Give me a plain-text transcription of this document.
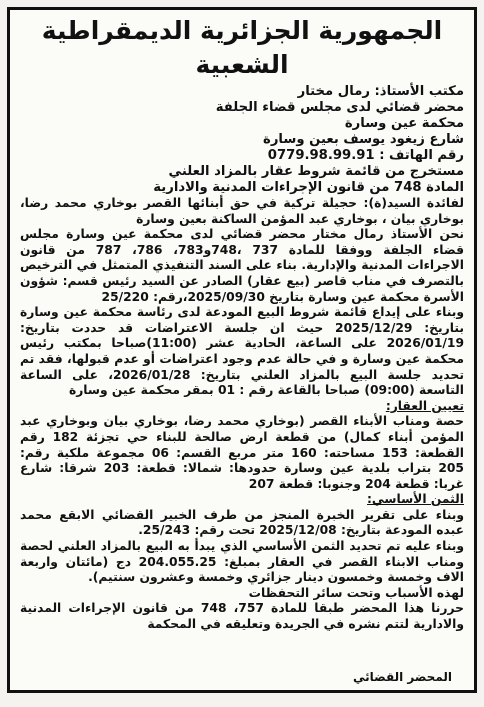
الجمهورية الجزائرية الديمقراطية الشعبية
مكتب الأستاذ: رمال مختار
محضر قضائي لدى مجلس قضاء الجلفة
محكمة عين وسارة
شارع زيغود يوسف بعين وسارة
رقم الهاتف : 0779.98.99.91
مستخرج من قائمة شروط عقار بالمزاد العلني
المادة 748 من قانون الإجراءات المدنية والادارية

لفائدة السيد(ة): حجيلة تركية في حق أبنائها القصر بوخاري محمد رضا، بوخاري بيان ، بوخاري عبد المؤمن الساكنة بعين وسارة

نحن الأستاذ رمال مختار محضر قضائي لدى محكمة عين وسارة مجلس قضاء الجلفة ووفقا للمادة 737 ،748و783، 786، 787 من قانون الاجراءات المدنية والإدارية. بناء على السند التنفيذي المتمثل في الترخيص بالتصرف في مناب قاصر (بيع عقار) الصادر عن السيد رئيس قسم: شؤون الأسرة محكمة عين وسارة بتاريخ 2025/09/30،رقم: 25/220

وبناء على إيداع قائمة شروط البيع المودعة لدى رئاسة محكمة عين وسارة بتاريخ: 2025/12/29 حيث ان جلسة الاعتراضات قد حددت بتاريخ: 2026/01/19 على الساعة، الحادية عشر (11:00)صباحا بمكتب رئيس محكمة عين وسارة و في حالة عدم وجود اعتراضات أو عدم قبولها، فقد تم تحديد جلسة البيع بالمزاد العلني بتاريخ: 2026/01/28، على الساعة التاسعة (09:00) صباحا بالقاعة رقم : 01 بمقر محكمة عين وسارة

تعيين العقار:

حصة ومناب الأبناء القصر (بوخاري محمد رضا، بوخاري بيان وبوخاري عبد المؤمن أبناء كمال) من قطعة ارض صالحة للبناء حي تجزئة 182 رقم القطعة: 153 مساحته: 160 متر مربع القسم: 06 مجموعة ملكية رقم: 205 بتراب بلدية عين وسارة حدودها: شمالا: قطعة: 203 شرقا: شارع غربا: قطعة 204 وجنوبا: قطعة 207

الثمن الأساسي:

وبناء على تقرير الخبرة المنجز من طرف الخبير القضائي الابقع محمد عبده المودعة بتاريخ: 2025/12/08 تحت رقم: 25/243.

وبناء عليه تم تحديد الثمن الأساسي الذي يبدأ به البيع بالمزاد العلني لحصة ومناب الابناء القصر في العقار بمبلغ: 204.055.25 دج (مائتان واربعة الاف وخمسة وخمسون دينار جزائري وخمسة وعشرون سنتيم).

لهذه الأسباب وتحت سائر التحفظات

حررنا هذا المحضر طبقا للمادة 757، 748 من قانون الإجراءات المدنية والادارية لتتم نشره في الجريدة وتعليقه في المحكمة

المحضر القضائي
